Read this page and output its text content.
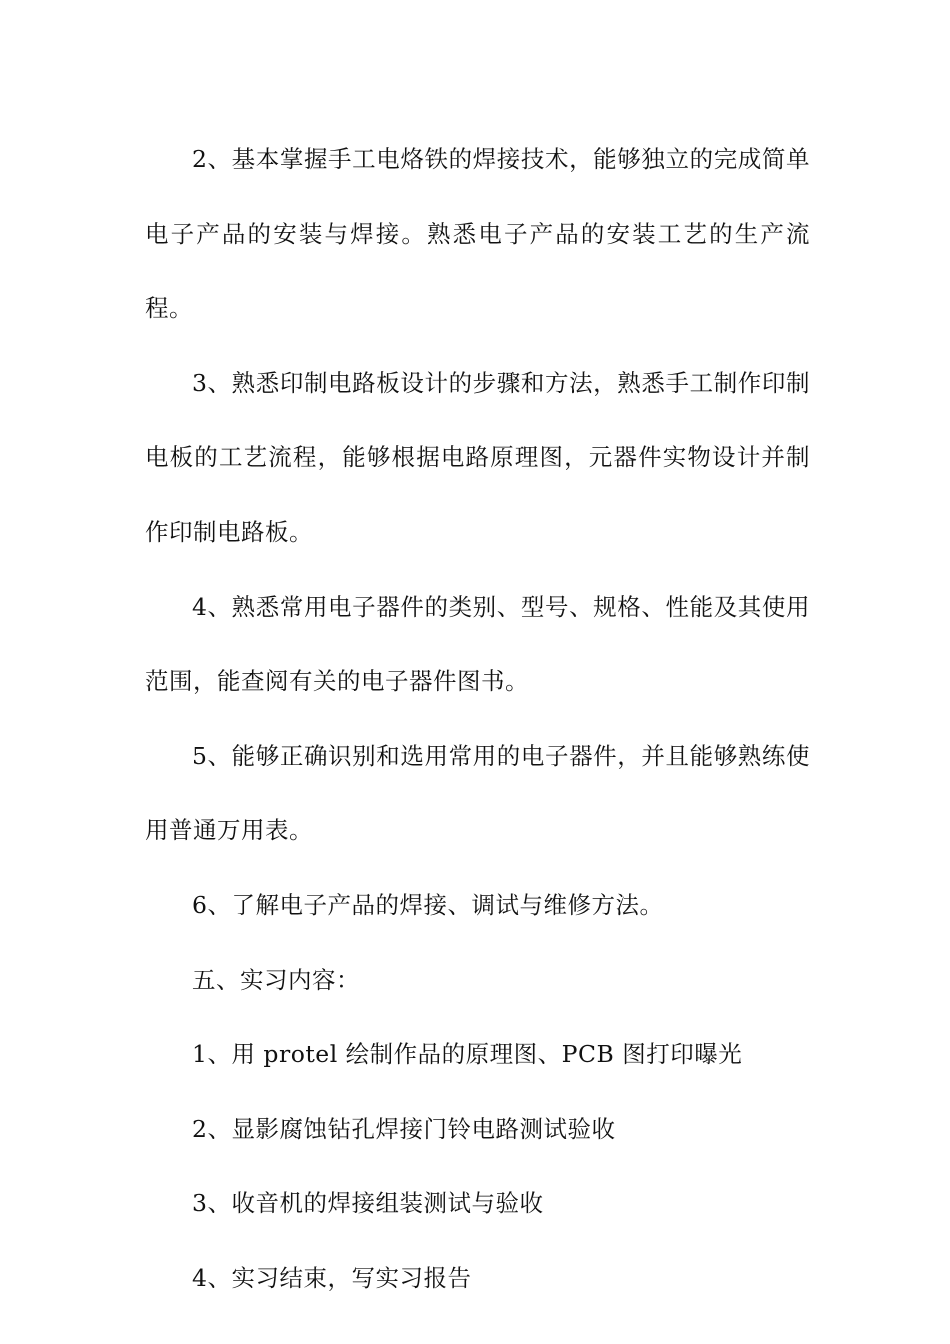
2、基本掌握手工电烙铁的焊接技术，能够独立的完成简单电子产品的安装与焊接。熟悉电子产品的安装工艺的生产流程。

3、熟悉印制电路板设计的步骤和方法，熟悉手工制作印制电板的工艺流程，能够根据电路原理图，元器件实物设计并制作印制电路板。

4、熟悉常用电子器件的类别、型号、规格、性能及其使用范围，能查阅有关的电子器件图书。

5、能够正确识别和选用常用的电子器件，并且能够熟练使用普通万用表。

6、了解电子产品的焊接、调试与维修方法。

五、实习内容：

1、用 protel 绘制作品的原理图、PCB 图打印曝光

2、显影腐蚀钻孔焊接门铃电路测试验收

3、收音机的焊接组装测试与验收

4、实习结束，写实习报告
